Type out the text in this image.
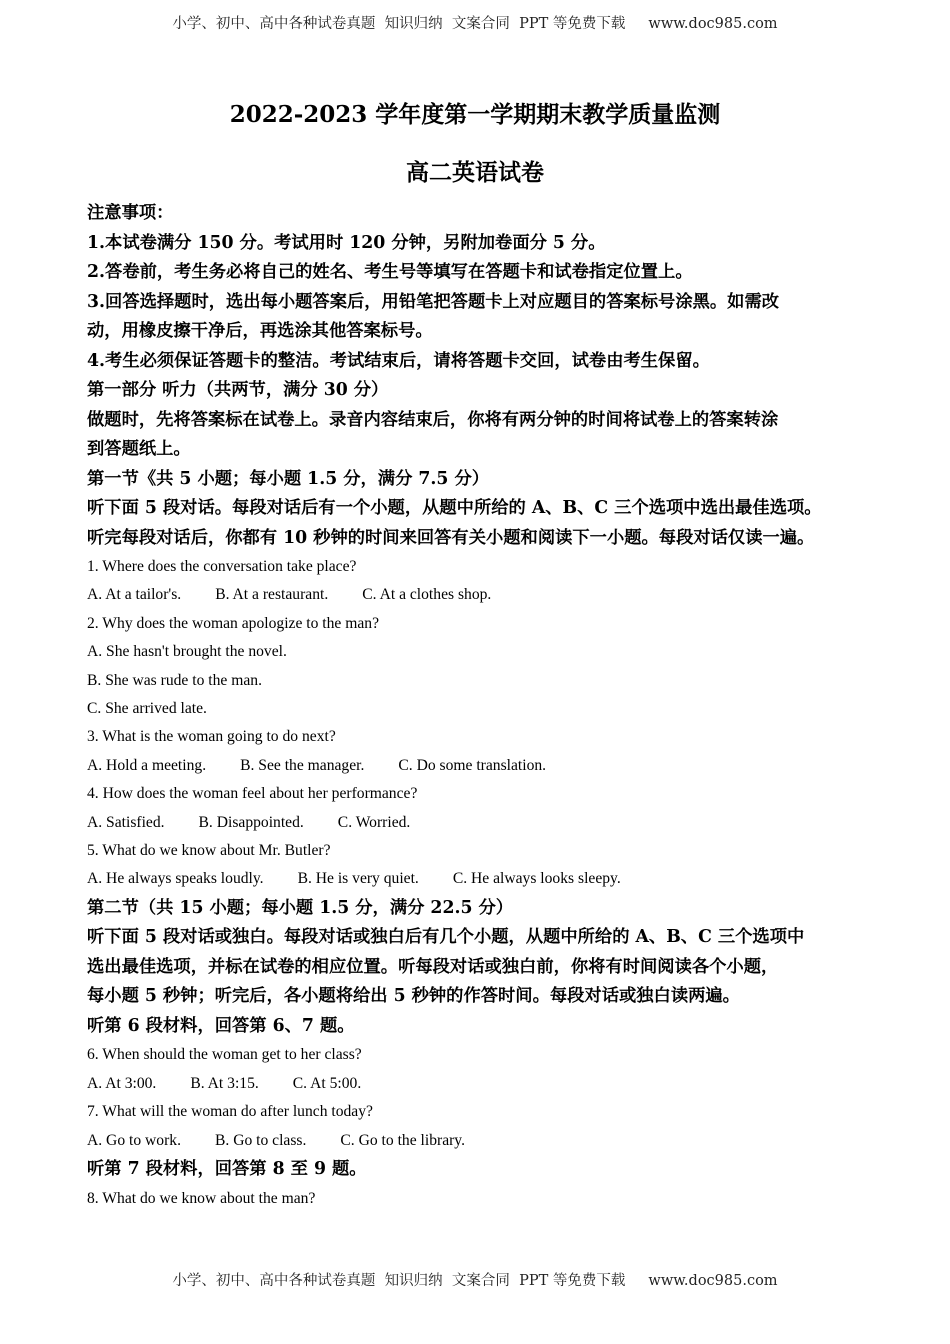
小学、初中、高中各种试卷真题  知识归纳  文案合同  PPT 等免费下载     www.doc985.com
2022-2023 学年度第一学期期末教学质量监测
高二英语试卷

注意事项：

1.本试卷满分 150 分。考试用时 120 分钟，另附加卷面分 5 分。

2.答卷前，考生务必将自己的姓名、考生号等填写在答题卡和试卷指定位置上。

3.回答选择题时，选出每小题答案后，用铅笔把答题卡上对应题目的答案标号涂黑。如需改

动，用橡皮擦干净后，再选涂其他答案标号。

4.考生必须保证答题卡的整洁。考试结束后，请将答题卡交回，试卷由考生保留。

第一部分 听力（共两节，满分 30 分）

做题时，先将答案标在试卷上。录音内容结束后，你将有两分钟的时间将试卷上的答案转涂

到答题纸上。

第一节《共 5 小题；每小题 1.5 分，满分 7.5 分）

听下面 5 段对话。每段对话后有一个小题，从题中所给的 A、B、C 三个选项中选出最佳选项。

听完每段对话后，你都有 10 秒钟的时间来回答有关小题和阅读下一小题。每段对话仅读一遍。

1. Where does the conversation take place?

A. At a tailor's. B. At a restaurant. C. At a clothes shop.

2. Why does the woman apologize to the man?

A. She hasn't brought the novel.

B. She was rude to the man.

C. She arrived late.

3. What is the woman going to do next?

A. Hold a meeting. B. See the manager. C. Do some translation.

4. How does the woman feel about her performance?

A. Satisfied. B. Disappointed. C. Worried.

5. What do we know about Mr. Butler?

A. He always speaks loudly. B. He is very quiet. C. He always looks sleepy.

第二节（共 15 小题；每小题 1.5 分，满分 22.5 分）

听下面 5 段对话或独白。每段对话或独白后有几个小题，从题中所给的 A、B、C 三个选项中

选出最佳选项，并标在试卷的相应位置。听每段对话或独白前，你将有时间阅读各个小题，

每小题 5 秒钟；听完后，各小题将给出 5 秒钟的作答时间。每段对话或独白读两遍。

听第 6 段材料，回答第 6、7 题。

6. When should the woman get to her class?

A. At 3:00. B. At 3:15. C. At 5:00.

7. What will the woman do after lunch today?

A. Go to work. B. Go to class. C. Go to the library.

听第 7 段材料，回答第 8 至 9 题。

8. What do we know about the man?

小学、初中、高中各种试卷真题  知识归纳  文案合同  PPT 等免费下载     www.doc985.com
